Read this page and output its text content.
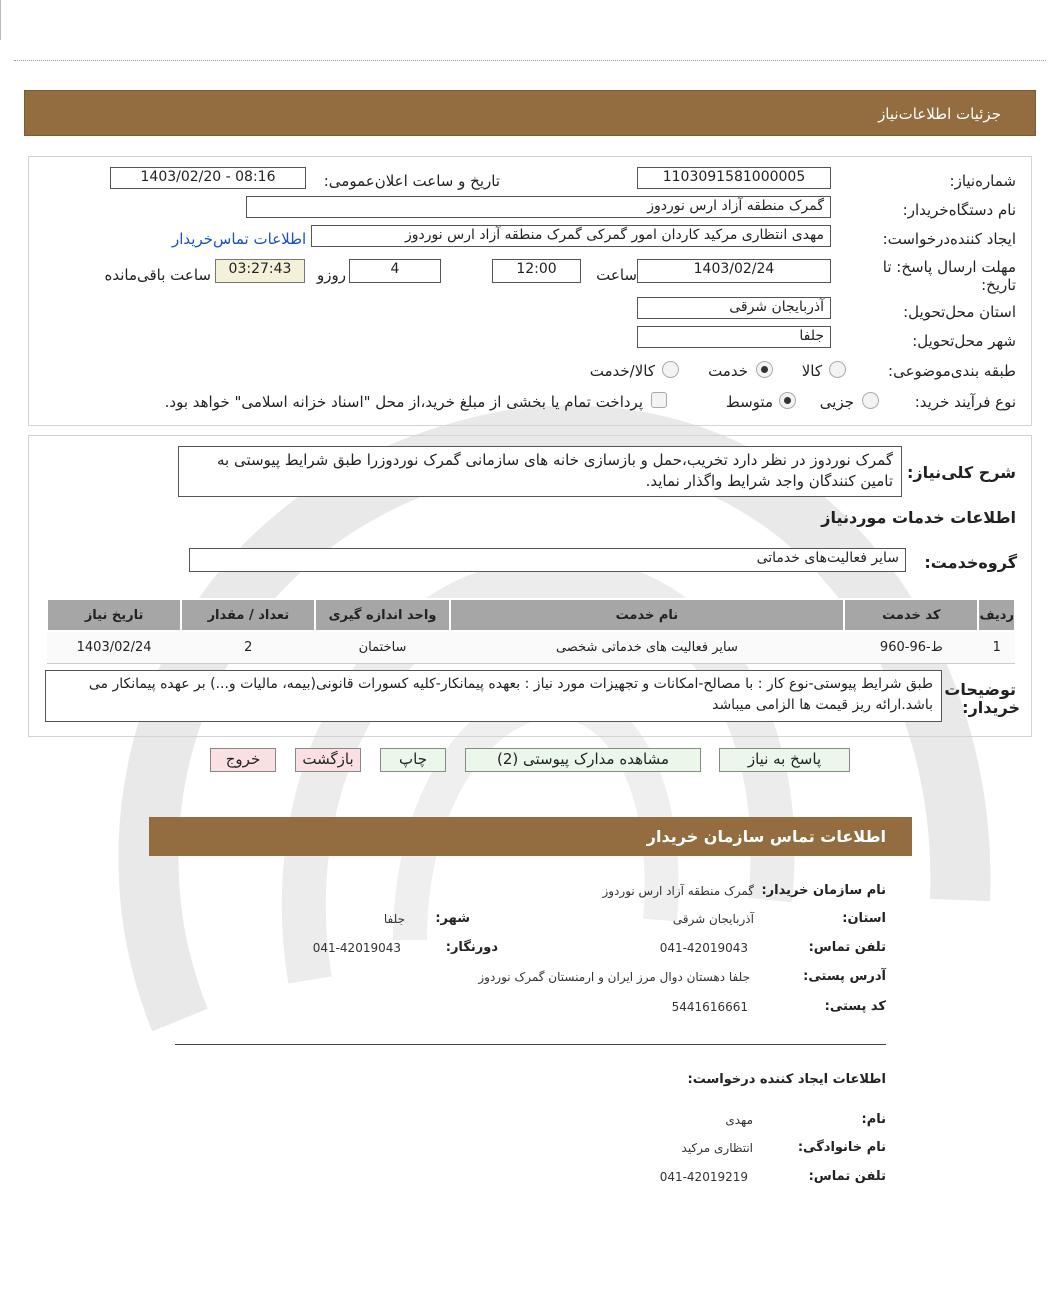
جزئیات اطلاعات‌نیاز
شماره‌نیاز:
1103091581000005
تاریخ و ساعت اعلان‌عمومی:
1403/02/20 - 08:16
نام دستگاه‌خریدار:
گمرک منطقه آزاد ارس نوردوز
ایجاد کننده‌درخواست:
مهدی انتظاری مرکید کاردان امور گمرکی گمرک منطقه آزاد ارس نوردوز
اطلاعات تماس‌خریدار
مهلت ارسال پاسخ: تا
تاریخ:
1403/02/24
ساعت
12:00
4
روزو
03:27:43
ساعت باقی‌مانده
استان محل‌تحویل:
آذربایجان شرقی
شهر محل‌تحویل:
جلفا
طبقه بندی‌موضوعی:
کالا
خدمت
کالا/خدمت
نوع فرآیند خرید:
جزیی
متوسط
پرداخت تمام یا بخشی از مبلغ خرید،از محل "اسناد خزانه اسلامی" خواهد بود.
شرح کلی‌نیاز:
گمرک نوردوز در نظر دارد تخریب،حمل و بازسازی خانه های سازمانی گمرک نوردوزرا طبق شرایط پیوستی به تامین کنندگان واجد شرایط واگذار نماید.
اطلاعات خدمات موردنیاز
گروه‌خدمت:
سایر فعالیت‌های خدماتی
ردیف	کد خدمت	نام خدمت	واحد اندازه گیری	تعداد / مقدار	تاریخ نیاز
1	ط-96-960	سایر فعالیت های خدماتی شخصی	ساختمان	2	1403/02/24
توضیحات
خریدار:
طبق شرایط پیوستی-نوع کار : با مصالح-امکانات و تجهیزات مورد نیاز : بعهده پیمانکار-کلیه کسورات قانونی(بیمه، مالیات و...) بر عهده پیمانکار می باشد.ارائه ریز قیمت ها الزامی میباشد
پاسخ به نیاز
مشاهده مدارک پیوستی (2)
چاپ
بازگشت
خروج
اطلاعات تماس سازمان خریدار
نام سازمان خریدار:
گمرک منطقه آزاد ارس نوردوز
استان:
آذربایجان شرقی
شهر:
جلفا
تلفن تماس:
041-42019043
دورنگار:
041-42019043
آدرس پستی:
جلفا دهستان دوال مرز ایران و ارمنستان گمرک نوردوز
کد پستی:
5441616661
اطلاعات ایجاد کننده درخواست:
نام:
مهدی
نام خانوادگی:
انتظاری مرکید
تلفن تماس:
041-42019219
